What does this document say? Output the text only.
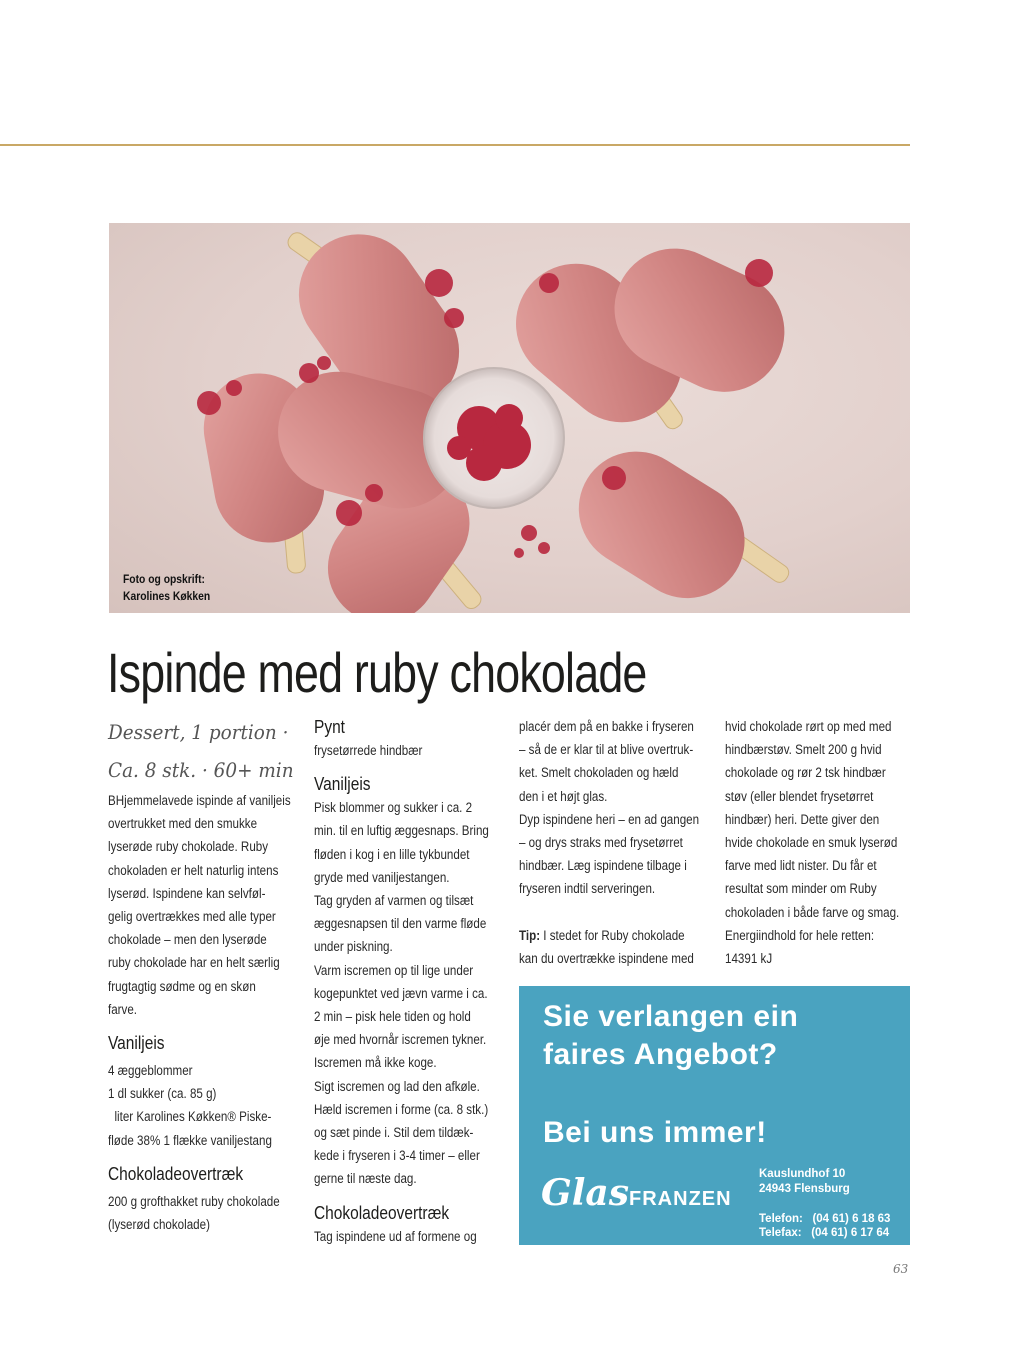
Foto og opskrift:
Karolines Køkken
Ispinde med ruby chokolade
Dessert, 1 portion ·
Ca. 8 stk. · 60+ min
BHjemmelavede ispinde af vaniljeis
overtrukket med den smukke
lyserøde ruby chokolade. Ruby
chokoladen er helt naturlig intens
lyserød. Ispindene kan selvføl-
gelig overtrækkes med alle typer
chokolade – men den lyserøde
ruby chokolade har en helt særlig
frugtagtig sødme og en skøn
farve.
Vaniljeis
4 æggeblommer
1 dl sukker (ca. 85 g)
liter Karolines Køkken® Piske-
fløde 38% 1 flække vaniljestang
Chokoladeovertræk
200 g grofthakket ruby chokolade
(lyserød chokolade)
Pynt
frysetørrede hindbær
Vaniljeis
Pisk blommer og sukker i ca. 2
min. til en luftig æggesnaps. Bring
fløden i kog i en lille tykbundet
gryde med vaniljestangen.
Tag gryden af varmen og tilsæt
æggesnapsen til den varme fløde
under piskning.
Varm iscremen op til lige under
kogepunktet ved jævn varme i ca.
2 min – pisk hele tiden og hold
øje med hvornår iscremen tykner.
Iscremen må ikke koge.
Sigt iscremen og lad den afkøle.
Hæld iscremen i forme (ca. 8 stk.)
og sæt pinde i. Stil dem tildæk-
kede i fryseren i 3-4 timer – eller
gerne til næste dag.
Chokoladeovertræk
Tag ispindene ud af formene og
placér dem på en bakke i fryseren
– så de er klar til at blive overtruk-
ket. Smelt chokoladen og hæld
den i et højt glas.
Dyp ispindene heri – en ad gangen
– og drys straks med frysetørret
hindbær. Læg ispindene tilbage i
fryseren indtil serveringen.
Tip: I stedet for Ruby chokolade
kan du overtrække ispindene med
hvid chokolade rørt op med med
hindbærstøv. Smelt 200 g hvid
chokolade og rør 2 tsk hindbær
støv (eller blendet frysetørret
hindbær) heri. Dette giver den
hvide chokolade en smuk lyserød
farve med lidt nister. Du får et
resultat som minder om Ruby
chokoladen i både farve og smag.
Energiindhold for hele retten:
14391 kJ
Sie verlangen ein
faires Angebot?
Bei uns immer!
GlasFRANZEN
Kauslundhof 10
24943 Flensburg
Telefon:   (04 61) 6 18 63
Telefax:   (04 61) 6 17 64
63
